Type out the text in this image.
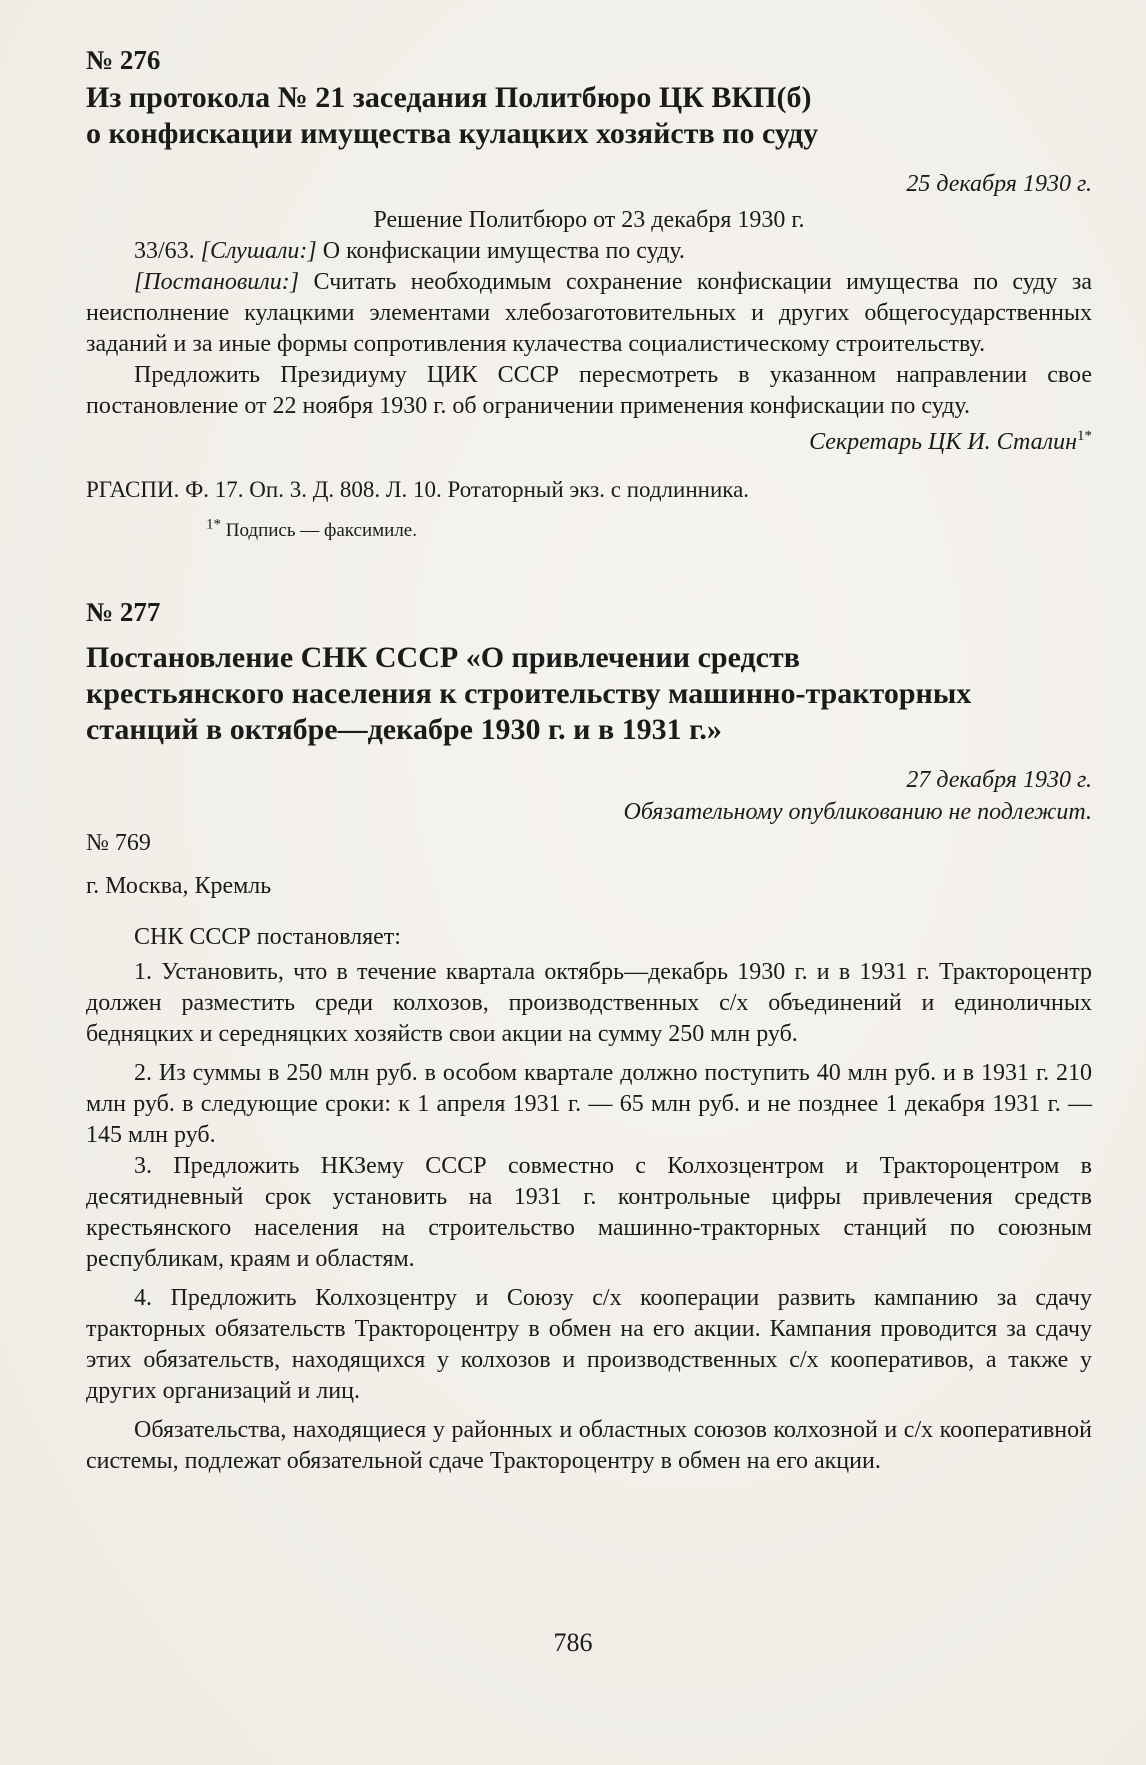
№ 276
Из протокола № 21 заседания Политбюро ЦК ВКП(б)
о конфискации имущества кулацких хозяйств по суду
25 декабря 1930 г.
Решение Политбюро от 23 декабря 1930 г.

33/63. [Слушали:] О конфискации имущества по суду.

[Постановили:] Считать необходимым сохранение конфискации имущества по суду за неисполнение кулацкими элементами хлебозаготовительных и других общегосударственных заданий и за иные формы сопротивления кулачества социалистическому строительству.

Предложить Президиуму ЦИК СССР пересмотреть в указанном направлении свое постановление от 22 ноября 1930 г. об ограничении применения конфискации по суду.

Секретарь ЦК И. Сталин$^{1*}$
РГАСПИ. Ф. 17. Оп. 3. Д. 808. Л. 10. Ротаторный экз. с подлинника.
$^{1*}$ Подпись — факсимиле.
№ 277
Постановление СНК СССР «О привлечении средств
крестьянского населения к строительству машинно-тракторных
станций в октябре—декабре 1930 г. и в 1931 г.»
27 декабря 1930 г.
Обязательному опубликованию не подлежит.
№ 769
г. Москва, Кремль

СНК СССР постановляет:

1. Установить, что в течение квартала октябрь—декабрь 1930 г. и в 1931 г. Трактороцентр должен разместить среди колхозов, производственных с/х объединений и единоличных бедняцких и середняцких хозяйств свои акции на сумму 250 млн руб.

2. Из суммы в 250 млн руб. в особом квартале должно поступить 40 млн руб. и в 1931 г. 210 млн руб. в следующие сроки: к 1 апреля 1931 г. — 65 млн руб. и не позднее 1 декабря 1931 г. — 145 млн руб.

3. Предложить НКЗему СССР совместно с Колхозцентром и Трактороцентром в десятидневный срок установить на 1931 г. контрольные цифры привлечения средств крестьянского населения на строительство машинно-тракторных станций по союзным республикам, краям и областям.

4. Предложить Колхозцентру и Союзу с/х кооперации развить кампанию за сдачу тракторных обязательств Трактороцентру в обмен на его акции. Кампания проводится за сдачу этих обязательств, находящихся у колхозов и производственных с/х кооперативов, а также у других организаций и лиц.

Обязательства, находящиеся у районных и областных союзов колхозной и с/х кооперативной системы, подлежат обязательной сдаче Трактороцентру в обмен на его акции.

786
